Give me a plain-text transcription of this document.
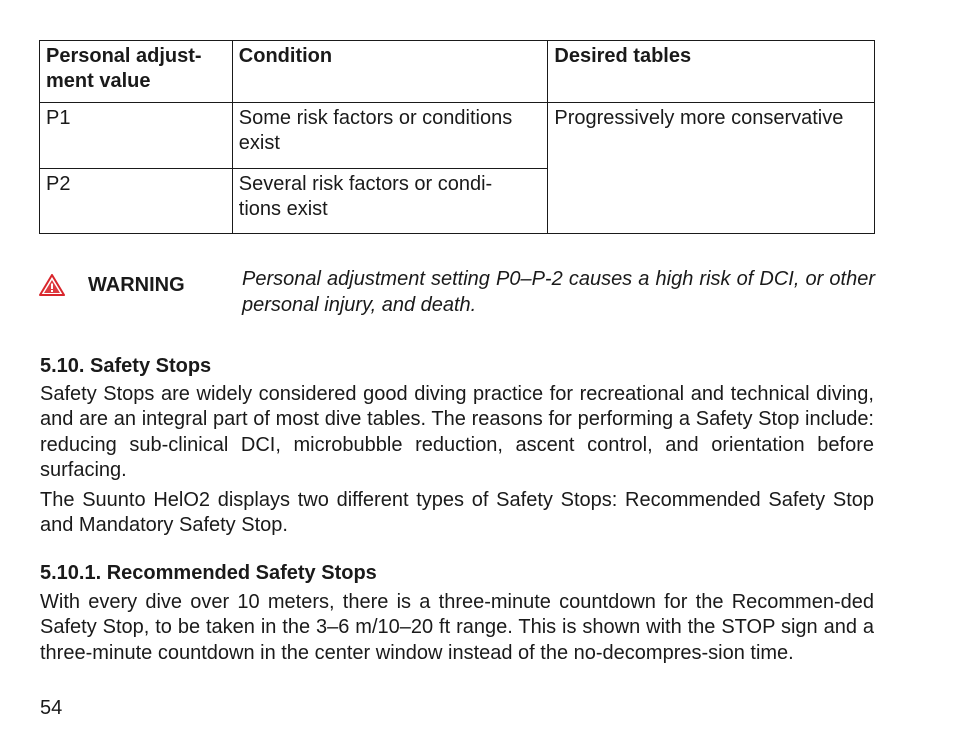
Personal adjust-
ment value	Condition	Desired tables
P1	Some risk factors or conditions exist	Progressively more conservative
P2	Several risk factors or condi-
tions exist	
WARNING	Personal adjustment setting P0–P-2 causes a high risk of DCI, or other personal injury, and death.

5.10. Safety Stops

Safety Stops are widely considered good diving practice for recreational and technical diving, and are an integral part of most dive tables. The reasons for performing a Safety Stop include: reducing sub-clinical DCI, microbubble reduction, ascent control, and orientation before surfacing.

The Suunto HelO2 displays two different types of Safety Stops: Recommended Safety Stop and Mandatory Safety Stop.

5.10.1. Recommended Safety Stops

With every dive over 10 meters, there is a three-minute countdown for the Recommen-ded Safety Stop, to be taken in the 3–6 m/10–20 ft range. This is shown with the STOP sign and a three-minute countdown in the center window instead of the no-decompres-sion time.

54
